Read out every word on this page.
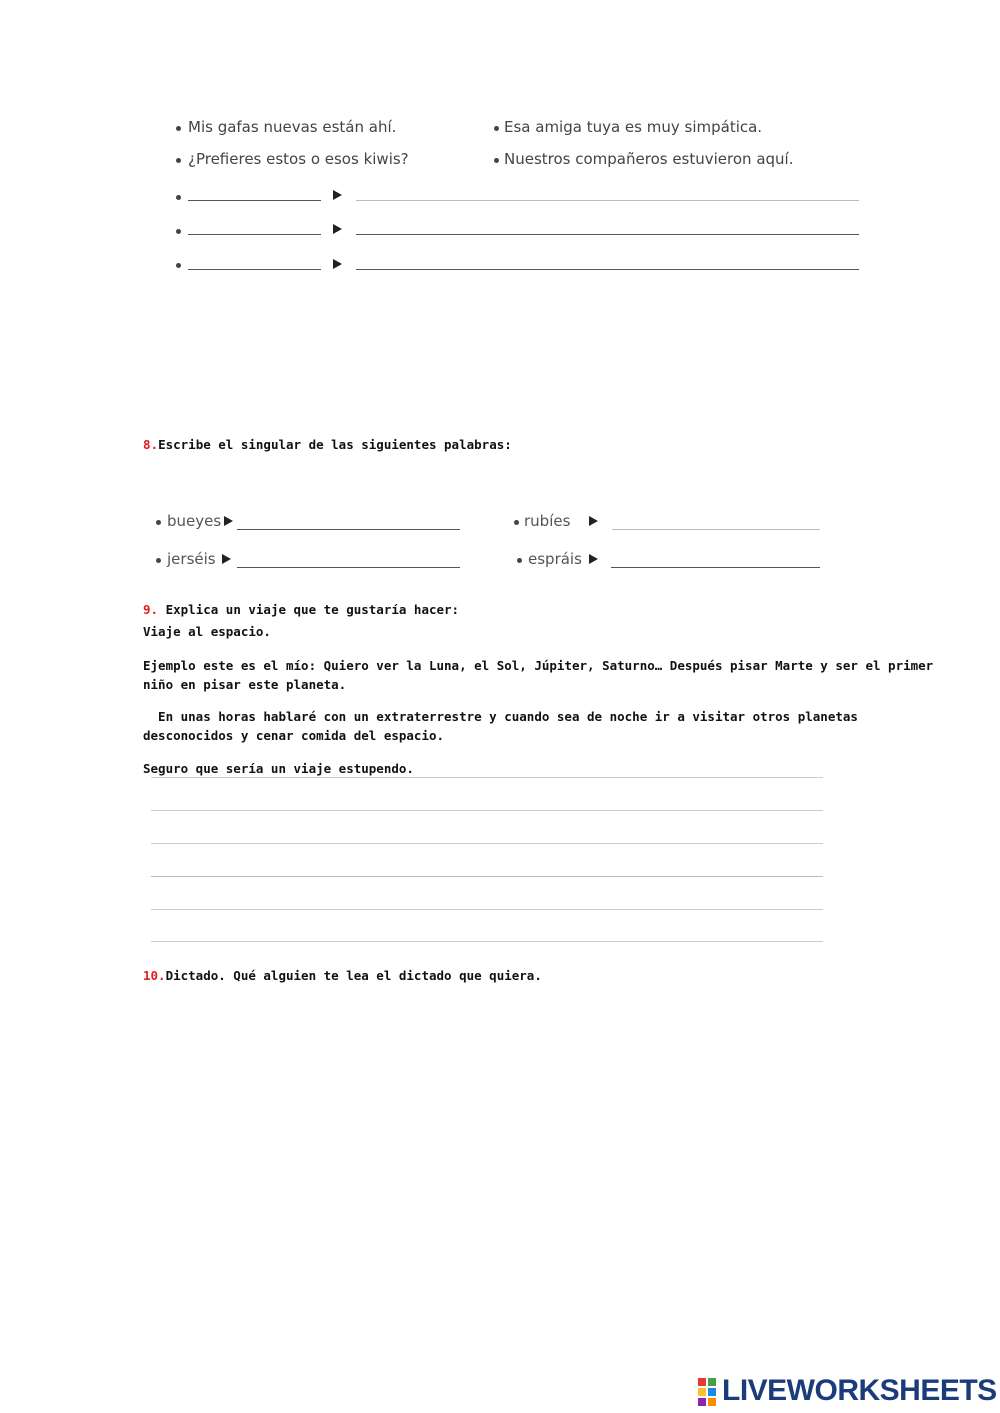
Mis gafas nuevas están ahí.
¿Prefieres estos o esos kiwis?
Esa amiga tuya es muy simpática.
Nuestros compañeros estuvieron aquí.
8.Escribe el singular de las siguientes palabras:
bueyes
jerséis
rubíes
espráis
9. Explica un viaje que te gustaría hacer:
Viaje al espacio.
Ejemplo este es el mío: Quiero ver la Luna, el Sol, Júpiter, Saturno… Después pisar Marte y ser el primer
niño en pisar este planeta.
En unas horas hablaré con un extraterrestre y cuando sea de noche ir a visitar otros planetas
desconocidos y cenar comida del espacio.
Seguro que sería un viaje estupendo.
10.Dictado. Qué alguien te lea el dictado que quiera.
LIVEWORKSHEETS
